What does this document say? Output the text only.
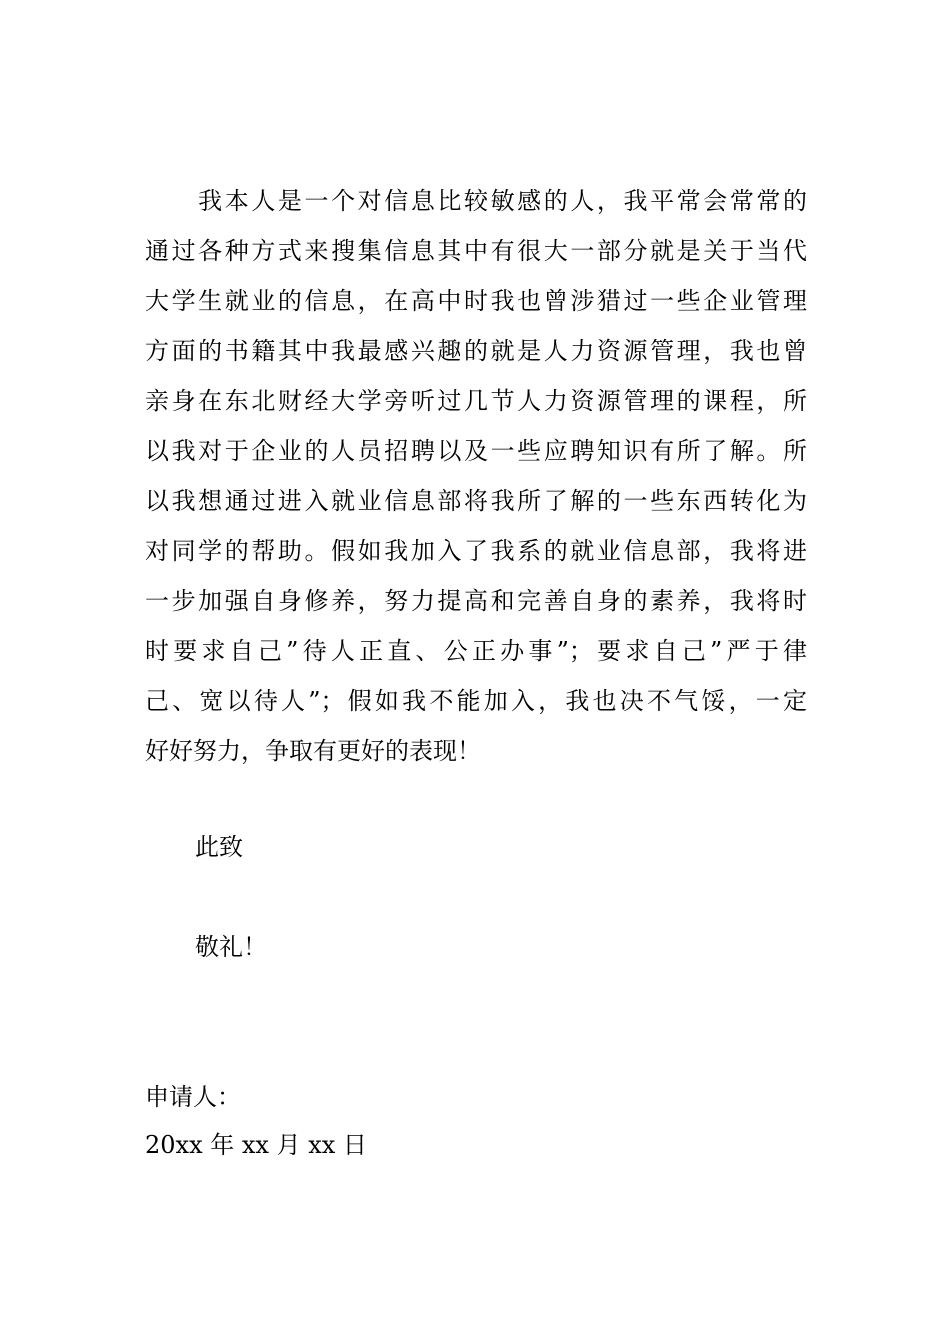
　　我本人是一个对信息比较敏感的人，我平常会常常的
通过各种方式来搜集信息其中有很大一部分就是关于当代
大学生就业的信息，在高中时我也曾涉猎过一些企业管理
方面的书籍其中我最感兴趣的就是人力资源管理，我也曾
亲身在东北财经大学旁听过几节人力资源管理的课程，所
以我对于企业的人员招聘以及一些应聘知识有所了解。所
以我想通过进入就业信息部将我所了解的一些东西转化为
对同学的帮助。假如我加入了我系的就业信息部，我将进
一步加强自身修养，努力提高和完善自身的素养，我将时
时要求自己”待人正直、公正办事”；要求自己”严于律
己、宽以待人”；假如我不能加入，我也决不气馁，一定
好好努力，争取有更好的表现！

此致

敬礼！

申请人：

20xx 年 xx 月 xx 日
